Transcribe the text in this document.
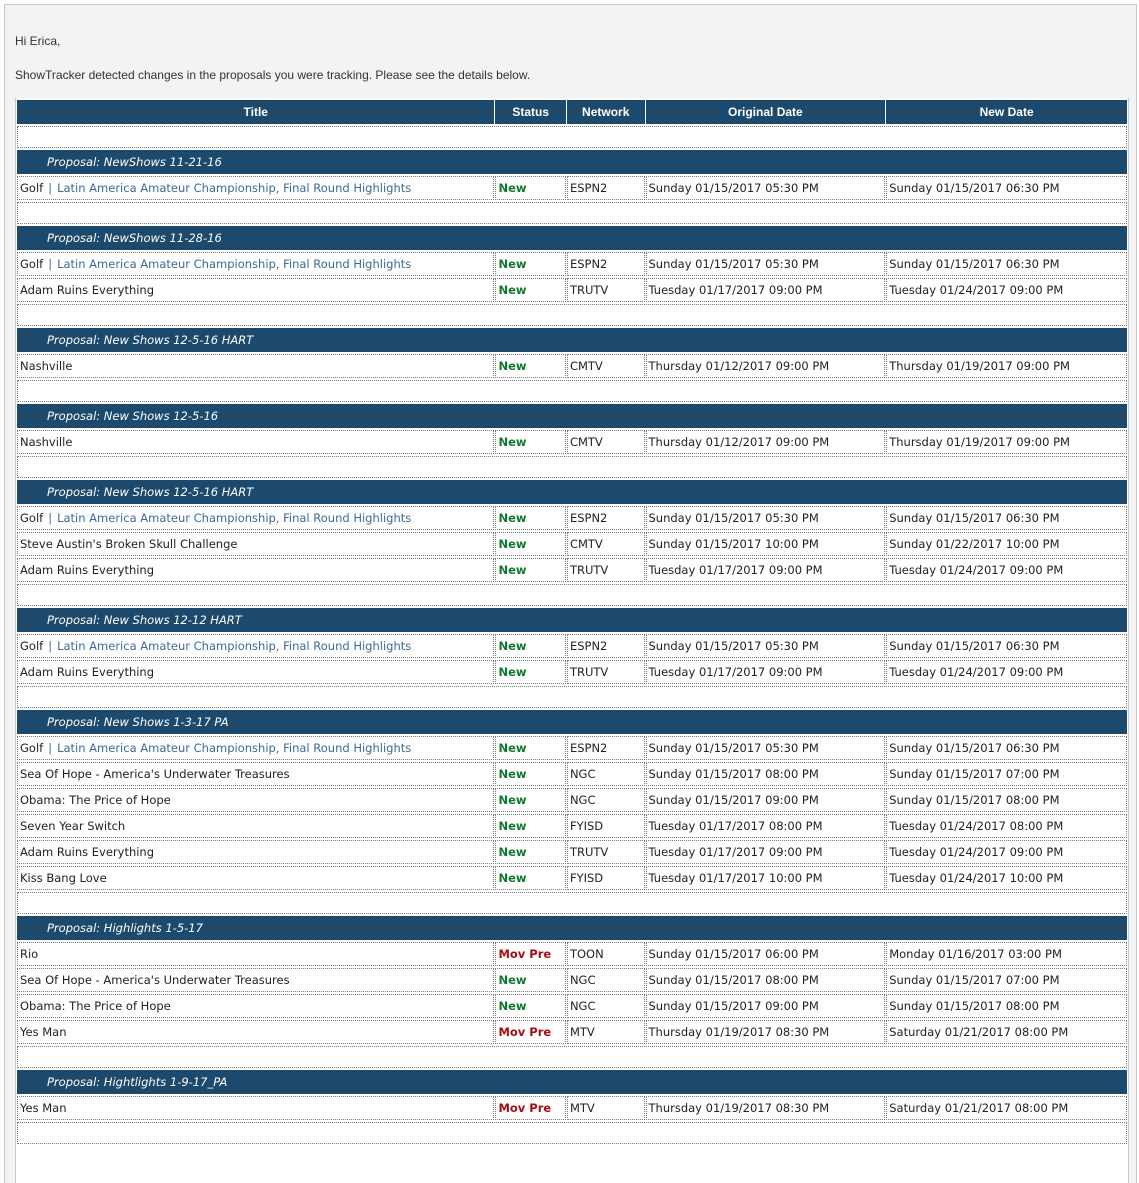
Hi Erica,
ShowTracker detected changes in the proposals you were tracking. Please see the details below.
Title	Status	Network	Original Date	New Date

Proposal: NewShows 11-21-16				
Golf | Latin America Amateur Championship, Final Round Highlights	New	ESPN2	Sunday 01/15/2017 05:30 PM	Sunday 01/15/2017 06:30 PM

Proposal: NewShows 11-28-16				
Golf | Latin America Amateur Championship, Final Round Highlights	New	ESPN2	Sunday 01/15/2017 05:30 PM	Sunday 01/15/2017 06:30 PM
Adam Ruins Everything	New	TRUTV	Tuesday 01/17/2017 09:00 PM	Tuesday 01/24/2017 09:00 PM

Proposal: New Shows 12-5-16 HART				
Nashville	New	CMTV	Thursday 01/12/2017 09:00 PM	Thursday 01/19/2017 09:00 PM

Proposal: New Shows 12-5-16				
Nashville	New	CMTV	Thursday 01/12/2017 09:00 PM	Thursday 01/19/2017 09:00 PM

Proposal: New Shows 12-5-16 HART				
Golf | Latin America Amateur Championship, Final Round Highlights	New	ESPN2	Sunday 01/15/2017 05:30 PM	Sunday 01/15/2017 06:30 PM
Steve Austin's Broken Skull Challenge	New	CMTV	Sunday 01/15/2017 10:00 PM	Sunday 01/22/2017 10:00 PM
Adam Ruins Everything	New	TRUTV	Tuesday 01/17/2017 09:00 PM	Tuesday 01/24/2017 09:00 PM

Proposal: New Shows 12-12 HART				
Golf | Latin America Amateur Championship, Final Round Highlights	New	ESPN2	Sunday 01/15/2017 05:30 PM	Sunday 01/15/2017 06:30 PM
Adam Ruins Everything	New	TRUTV	Tuesday 01/17/2017 09:00 PM	Tuesday 01/24/2017 09:00 PM

Proposal: New Shows 1-3-17 PA				
Golf | Latin America Amateur Championship, Final Round Highlights	New	ESPN2	Sunday 01/15/2017 05:30 PM	Sunday 01/15/2017 06:30 PM
Sea Of Hope - America's Underwater Treasures	New	NGC	Sunday 01/15/2017 08:00 PM	Sunday 01/15/2017 07:00 PM
Obama: The Price of Hope	New	NGC	Sunday 01/15/2017 09:00 PM	Sunday 01/15/2017 08:00 PM
Seven Year Switch	New	FYISD	Tuesday 01/17/2017 08:00 PM	Tuesday 01/24/2017 08:00 PM
Adam Ruins Everything	New	TRUTV	Tuesday 01/17/2017 09:00 PM	Tuesday 01/24/2017 09:00 PM
Kiss Bang Love	New	FYISD	Tuesday 01/17/2017 10:00 PM	Tuesday 01/24/2017 10:00 PM

Proposal: Highlights 1-5-17				
Rio	Mov Pre	TOON	Sunday 01/15/2017 06:00 PM	Monday 01/16/2017 03:00 PM
Sea Of Hope - America's Underwater Treasures	New	NGC	Sunday 01/15/2017 08:00 PM	Sunday 01/15/2017 07:00 PM
Obama: The Price of Hope	New	NGC	Sunday 01/15/2017 09:00 PM	Sunday 01/15/2017 08:00 PM
Yes Man	Mov Pre	MTV	Thursday 01/19/2017 08:30 PM	Saturday 01/21/2017 08:00 PM

Proposal: Hightlights 1-9-17_PA				
Yes Man	Mov Pre	MTV	Thursday 01/19/2017 08:30 PM	Saturday 01/21/2017 08:00 PM
